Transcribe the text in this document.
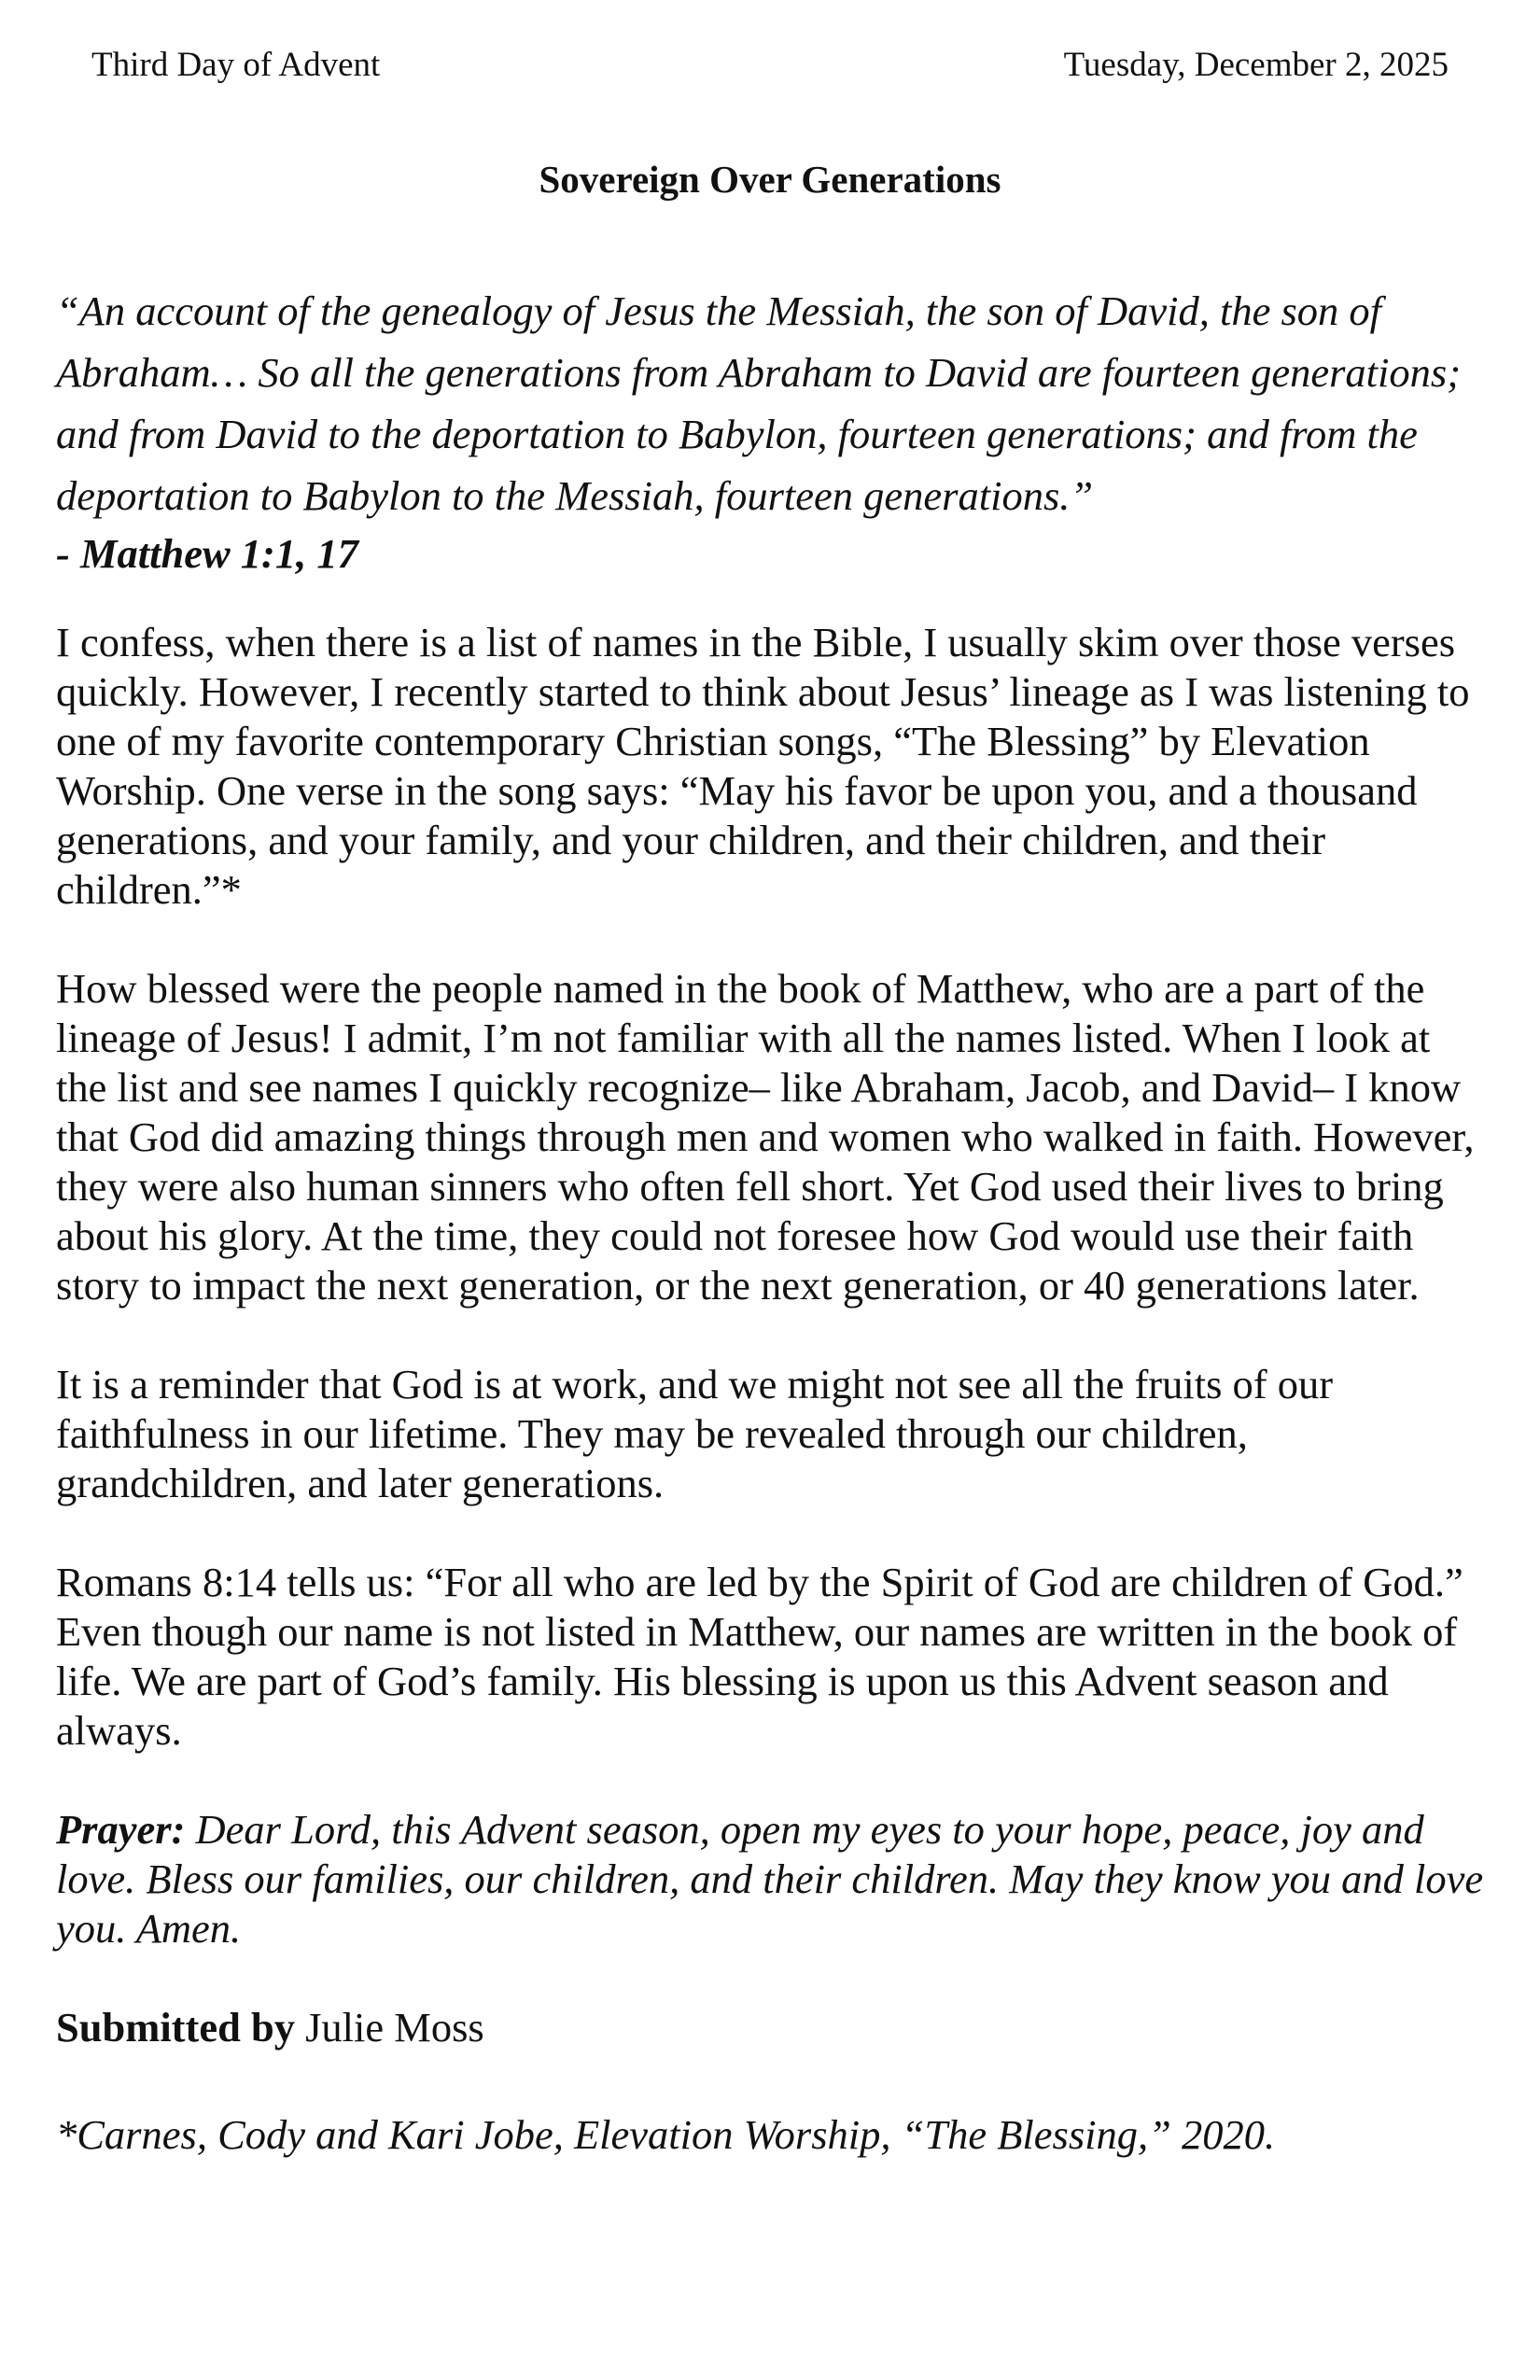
Third Day of Advent	Tuesday, December 2, 2025
Sovereign Over Generations

“An account of the genealogy of Jesus the Messiah, the son of David, the son of Abraham… So all the generations from Abraham to David are fourteen generations; and from David to the deportation to Babylon, fourteen generations; and from the deportation to Babylon to the Messiah, fourteen generations.”

- Matthew 1:1, 17

I confess, when there is a list of names in the Bible, I usually skim over those verses quickly. However, I recently started to think about Jesus’ lineage as I was listening to one of my favorite contemporary Christian songs, “The Blessing” by Elevation Worship. One verse in the song says: “May his favor be upon you, and a thousand generations, and your family, and your children, and their children, and their children.”*

How blessed were the people named in the book of Matthew, who are a part of the lineage of Jesus! I admit, I’m not familiar with all the names listed. When I look at the list and see names I quickly recognize– like Abraham, Jacob, and David– I know that God did amazing things through men and women who walked in faith. However, they were also human sinners who often fell short. Yet God used their lives to bring about his glory. At the time, they could not foresee how God would use their faith story to impact the next generation, or the next generation, or 40 generations later.

It is a reminder that God is at work, and we might not see all the fruits of our faithfulness in our lifetime. They may be revealed through our children, grandchildren, and later generations.

Romans 8:14 tells us: “For all who are led by the Spirit of God are children of God.” Even though our name is not listed in Matthew, our names are written in the book of life. We are part of God’s family. His blessing is upon us this Advent season and always.

Prayer: Dear Lord, this Advent season, open my eyes to your hope, peace, joy and love. Bless our families, our children, and their children. May they know you and love you. Amen.

Submitted by Julie Moss

*Carnes, Cody and Kari Jobe, Elevation Worship, “The Blessing,” 2020.
